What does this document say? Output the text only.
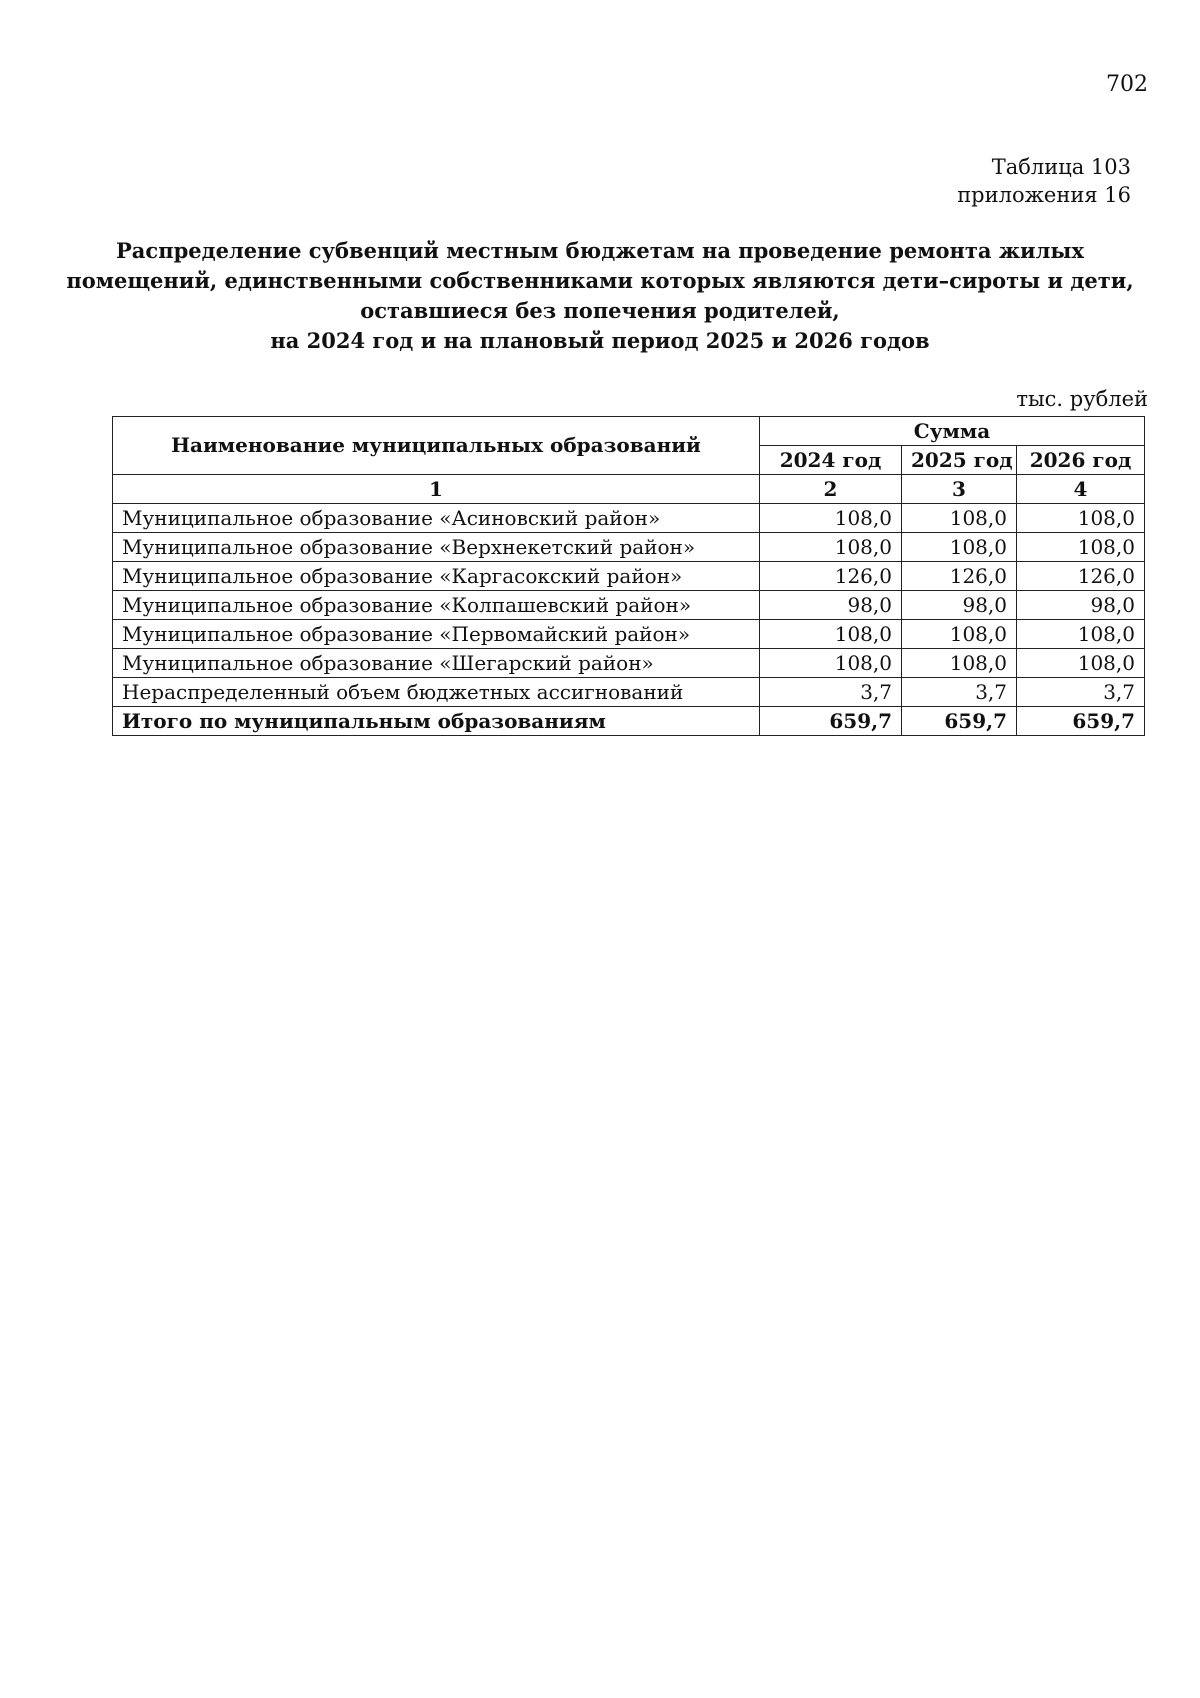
702
Таблица 103
приложения 16
Распределение субвенций местным бюджетам на проведение ремонта жилых
помещений, единственными собственниками которых являются дети–сироты и дети,
оставшиеся без попечения родителей,
на 2024 год и на плановый период 2025 и 2026 годов
тыс. рублей
Наименование муниципальных образований	Сумма		
	2024 год	2025 год	2026 год
1	2	3	4
Муниципальное образование «Асиновский район»	108,0	108,0	108,0
Муниципальное образование «Верхнекетский район»	108,0	108,0	108,0
Муниципальное образование «Каргасокский район»	126,0	126,0	126,0
Муниципальное образование «Колпашевский район»	98,0	98,0	98,0
Муниципальное образование «Первомайский район»	108,0	108,0	108,0
Муниципальное образование «Шегарский район»	108,0	108,0	108,0
Нераспределенный объем бюджетных ассигнований	3,7	3,7	3,7
Итого по муниципальным образованиям	659,7	659,7	659,7
